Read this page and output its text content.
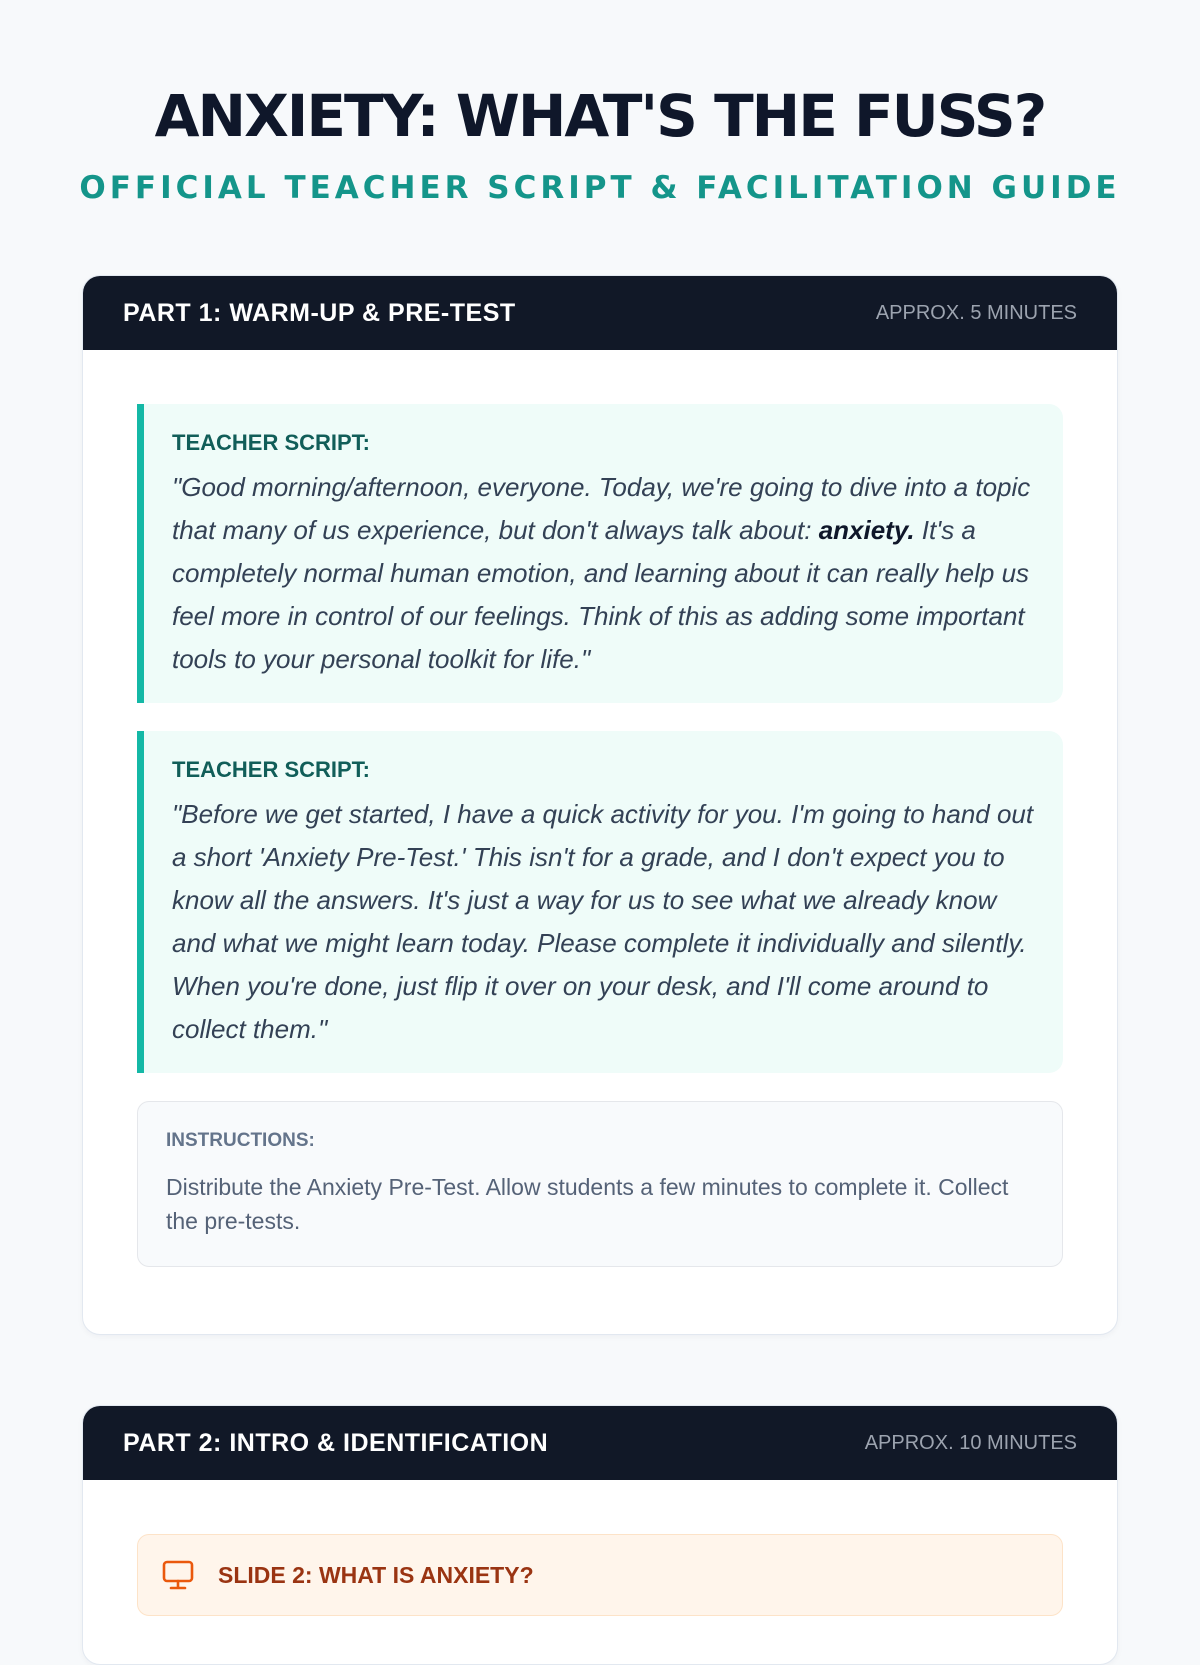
ANXIETY: WHAT'S THE FUSS?
OFFICIAL TEACHER SCRIPT & FACILITATION GUIDE
PART 1: WARM-UP & PRE-TEST	APPROX. 5 MINUTES

TEACHER SCRIPT:

"Good morning/afternoon, everyone. Today, we're going to dive into a topic that many of us experience, but don't always talk about: anxiety. It's a completely normal human emotion, and learning about it can really help us feel more in control of our feelings. Think of this as adding some important tools to your personal toolkit for life."

TEACHER SCRIPT:

"Before we get started, I have a quick activity for you. I'm going to hand out a short 'Anxiety Pre-Test.' This isn't for a grade, and I don't expect you to know all the answers. It's just a way for us to see what we already know and what we might learn today. Please complete it individually and silently. When you're done, just flip it over on your desk, and I'll come around to collect them."

INSTRUCTIONS:

Distribute the Anxiety Pre-Test. Allow students a few minutes to complete it. Collect the pre-tests.

PART 2: INTRO & IDENTIFICATION	APPROX. 10 MINUTES
SLIDE 2: WHAT IS ANXIETY?
